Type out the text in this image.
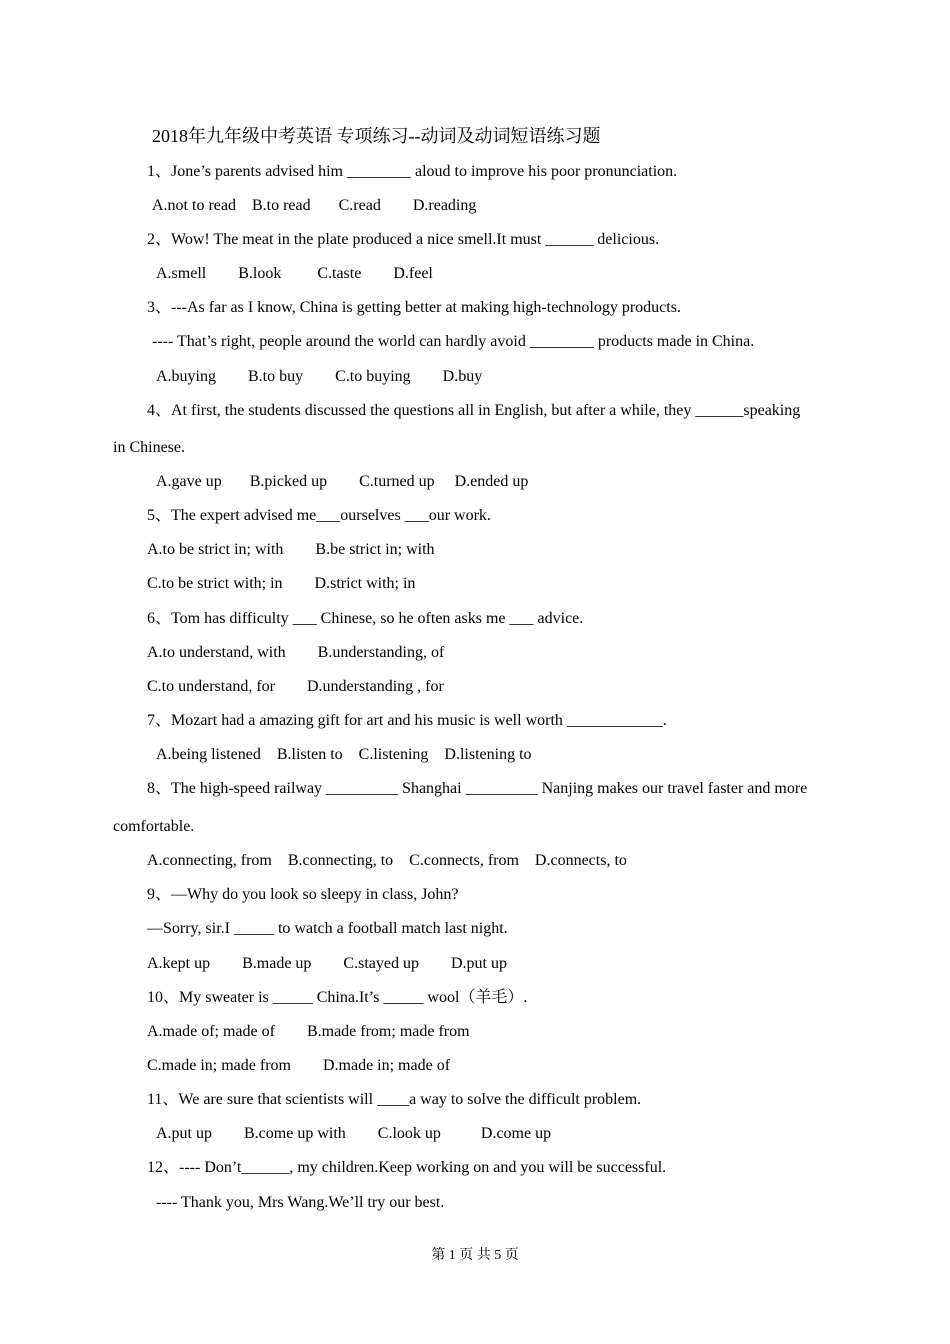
2018年九年级中考英语 专项练习--动词及动词短语练习题
1、Jone’s parents advised him ________ aloud to improve his poor pronunciation.
A.not to read    B.to read       C.read        D.reading
2、Wow! The meat in the plate produced a nice smell.It must ______ delicious.
A.smell        B.look         C.taste        D.feel
3、---As far as I know, China is getting better at making high-technology products.
---- That’s right, people around the world can hardly avoid ________ products made in China.
A.buying        B.to buy        C.to buying        D.buy
4、At first, the students discussed the questions all in English, but after a while, they ______speaking
in Chinese.
A.gave up       B.picked up        C.turned up     D.ended up
5、The expert advised me___ourselves ___our work.
A.to be strict in; with        B.be strict in; with
C.to be strict with; in        D.strict with; in
6、Tom has difficulty ___ Chinese, so he often asks me ___ advice.
A.to understand, with        B.understanding, of
C.to understand, for        D.understanding , for
7、Mozart had a amazing gift for art and his music is well worth ____________.
A.being listened    B.listen to    C.listening    D.listening to
8、The high-speed railway _________ Shanghai _________ Nanjing makes our travel faster and more
comfortable.
A.connecting, from    B.connecting, to    C.connects, from    D.connects, to
9、—Why do you look so sleepy in class, John?
—Sorry, sir.I _____ to watch a football match last night.
A.kept up        B.made up        C.stayed up        D.put up
10、My sweater is _____ China.It’s _____ wool（羊毛）.
A.made of; made of        B.made from; made from
C.made in; made from        D.made in; made of
11、We are sure that scientists will ____a way to solve the difficult problem.
A.put up        B.come up with        C.look up          D.come up
12、---- Don’t______, my children.Keep working on and you will be successful.
---- Thank you, Mrs Wang.We’ll try our best.
第 1 页 共 5 页
